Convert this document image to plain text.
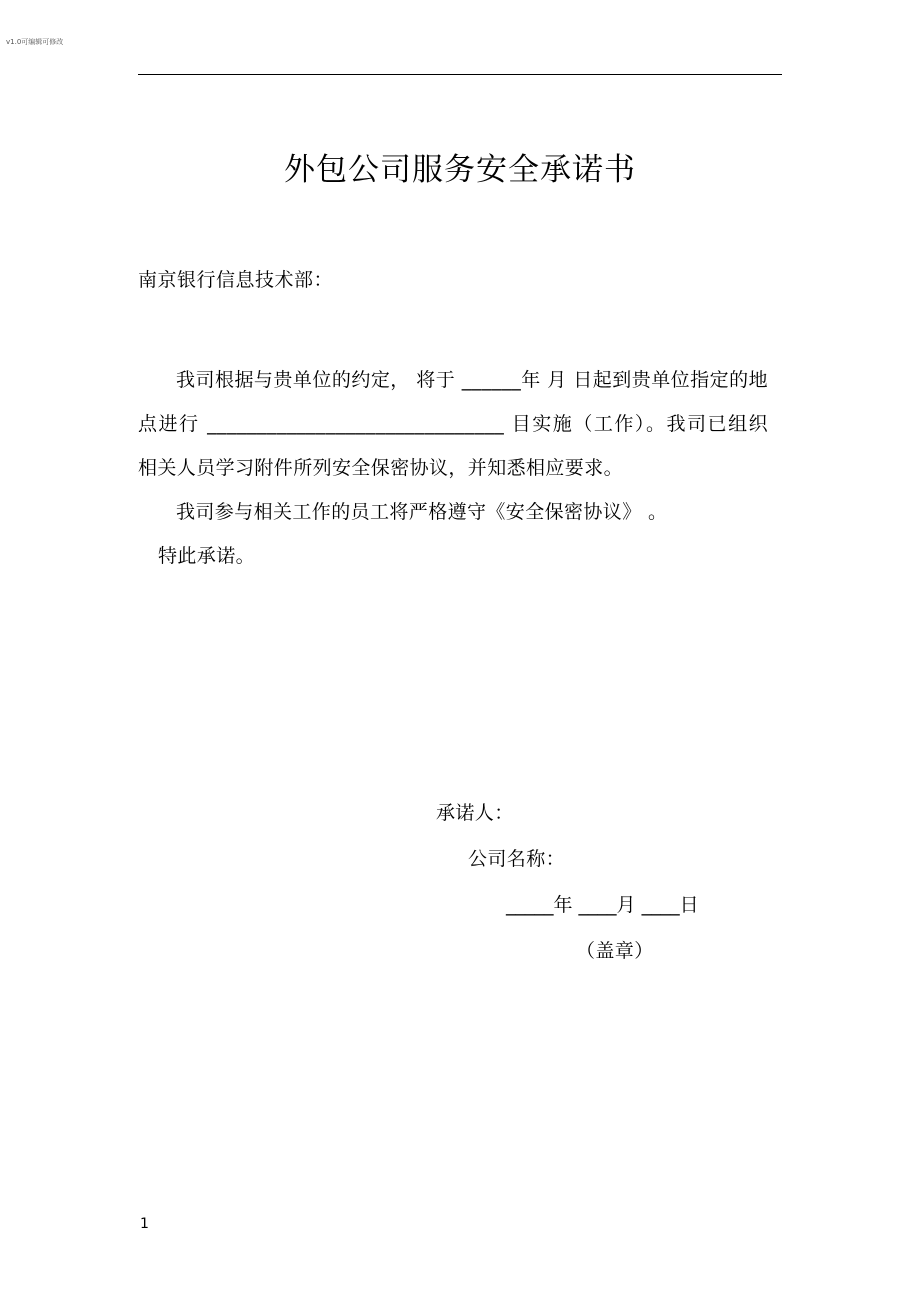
v1.0可编辑可修改
外包公司服务安全承诺书
南京银行信息技术部：

我司根据与贵单位的约定， 将于 ______年 月 日起到贵单位指定的地点进行 ______________________________ 目实施（工作）。我司已组织相关人员学习附件所列安全保密协议，并知悉相应要求。

我司参与相关工作的员工将严格遵守《安全保密协议》 。

特此承诺。

承诺人：

公司名称：

_____年 ____月 ____日

（盖章）

1
